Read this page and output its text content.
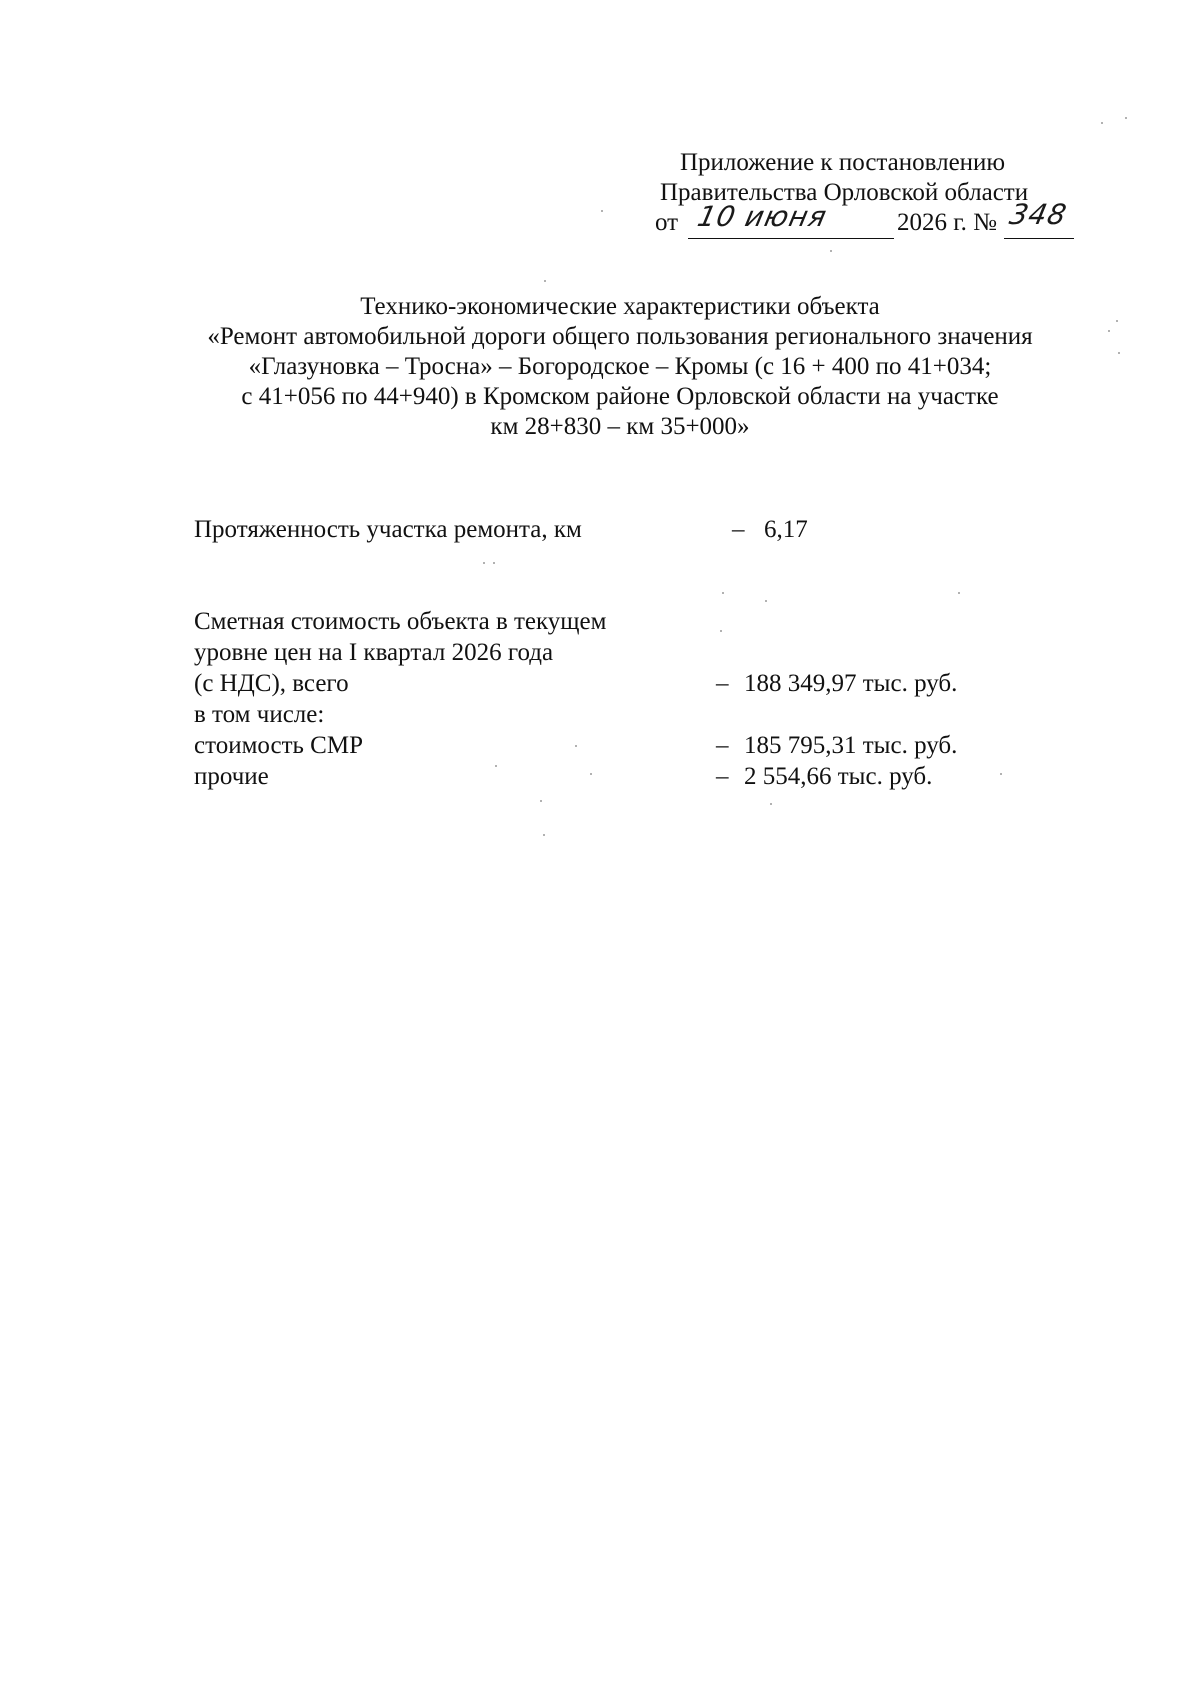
Приложение к постановлению
Правительства Орловской области
от 10 июня	2026 г. № 348
Технико-экономические характеристики объекта
«Ремонт автомобильной дороги общего пользования регионального значения
«Глазуновка – Тросна» – Богородское – Кромы (с 16 + 400 по 41+034;
с 41+056 по 44+940) в Кромском районе Орловской области на участке
км 28+830 – км 35+000»
Протяженность участка ремонта, км	– 6,17
Сметная стоимость объекта в текущем
уровне цен на I квартал 2026 года
(с НДС), всего	– 188 349,97 тыс. руб.
в том числе:
стоимость СМР	– 185 795,31 тыс. руб.
прочие	– 2 554,66 тыс. руб.
